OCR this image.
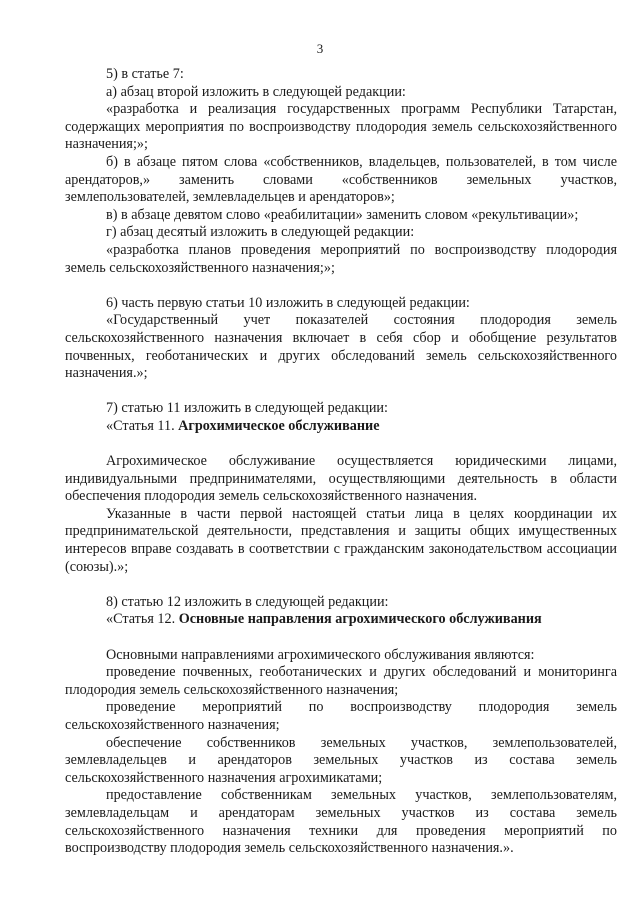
3

5) в статье 7:

а) абзац второй изложить в следующей редакции:

«разработка и реализация государственных программ Республики Татарстан, содержащих мероприятия по воспроизводству плодородия земель сельскохозяйственного назначения;»;

б) в абзаце пятом слова «собственников, владельцев, пользователей, в том числе арендаторов,» заменить словами «собственников земельных участков, землепользователей, землевладельцев и арендаторов»;

в) в абзаце девятом слово «реабилитации» заменить словом «рекультивации»;

г) абзац десятый изложить в следующей редакции:

«разработка планов проведения мероприятий по воспроизводству плодородия земель сельскохозяйственного назначения;»;

6) часть первую статьи 10 изложить в следующей редакции:

«Государственный учет показателей состояния плодородия земель сельскохозяйственного назначения включает в себя сбор и обобщение результатов почвенных, геоботанических и других обследований земель сельскохозяйственного назначения.»;

7) статью 11 изложить в следующей редакции:

«Статья 11. Агрохимическое обслуживание

Агрохимическое обслуживание осуществляется юридическими лицами, индивидуальными предпринимателями, осуществляющими деятельность в области обеспечения плодородия земель сельскохозяйственного назначения.

Указанные в части первой настоящей статьи лица в целях координации их предпринимательской деятельности, представления и защиты общих имущественных интересов вправе создавать в соответствии с гражданским законодательством ассоциации (союзы).»;

8) статью 12 изложить в следующей редакции:

«Статья 12. Основные направления агрохимического обслуживания

Основными направлениями агрохимического обслуживания являются:

проведение почвенных, геоботанических и других обследований и мониторинга плодородия земель сельскохозяйственного назначения;

проведение мероприятий по воспроизводству плодородия земель сельскохозяйственного назначения;

обеспечение собственников земельных участков, землепользователей, землевладельцев и арендаторов земельных участков из состава земель сельскохозяйственного назначения агрохимикатами;

предоставление собственникам земельных участков, землепользователям, землевладельцам и арендаторам земельных участков из состава земель сельскохозяйственного назначения техники для проведения мероприятий по воспроизводству плодородия земель сельскохозяйственного назначения.».
